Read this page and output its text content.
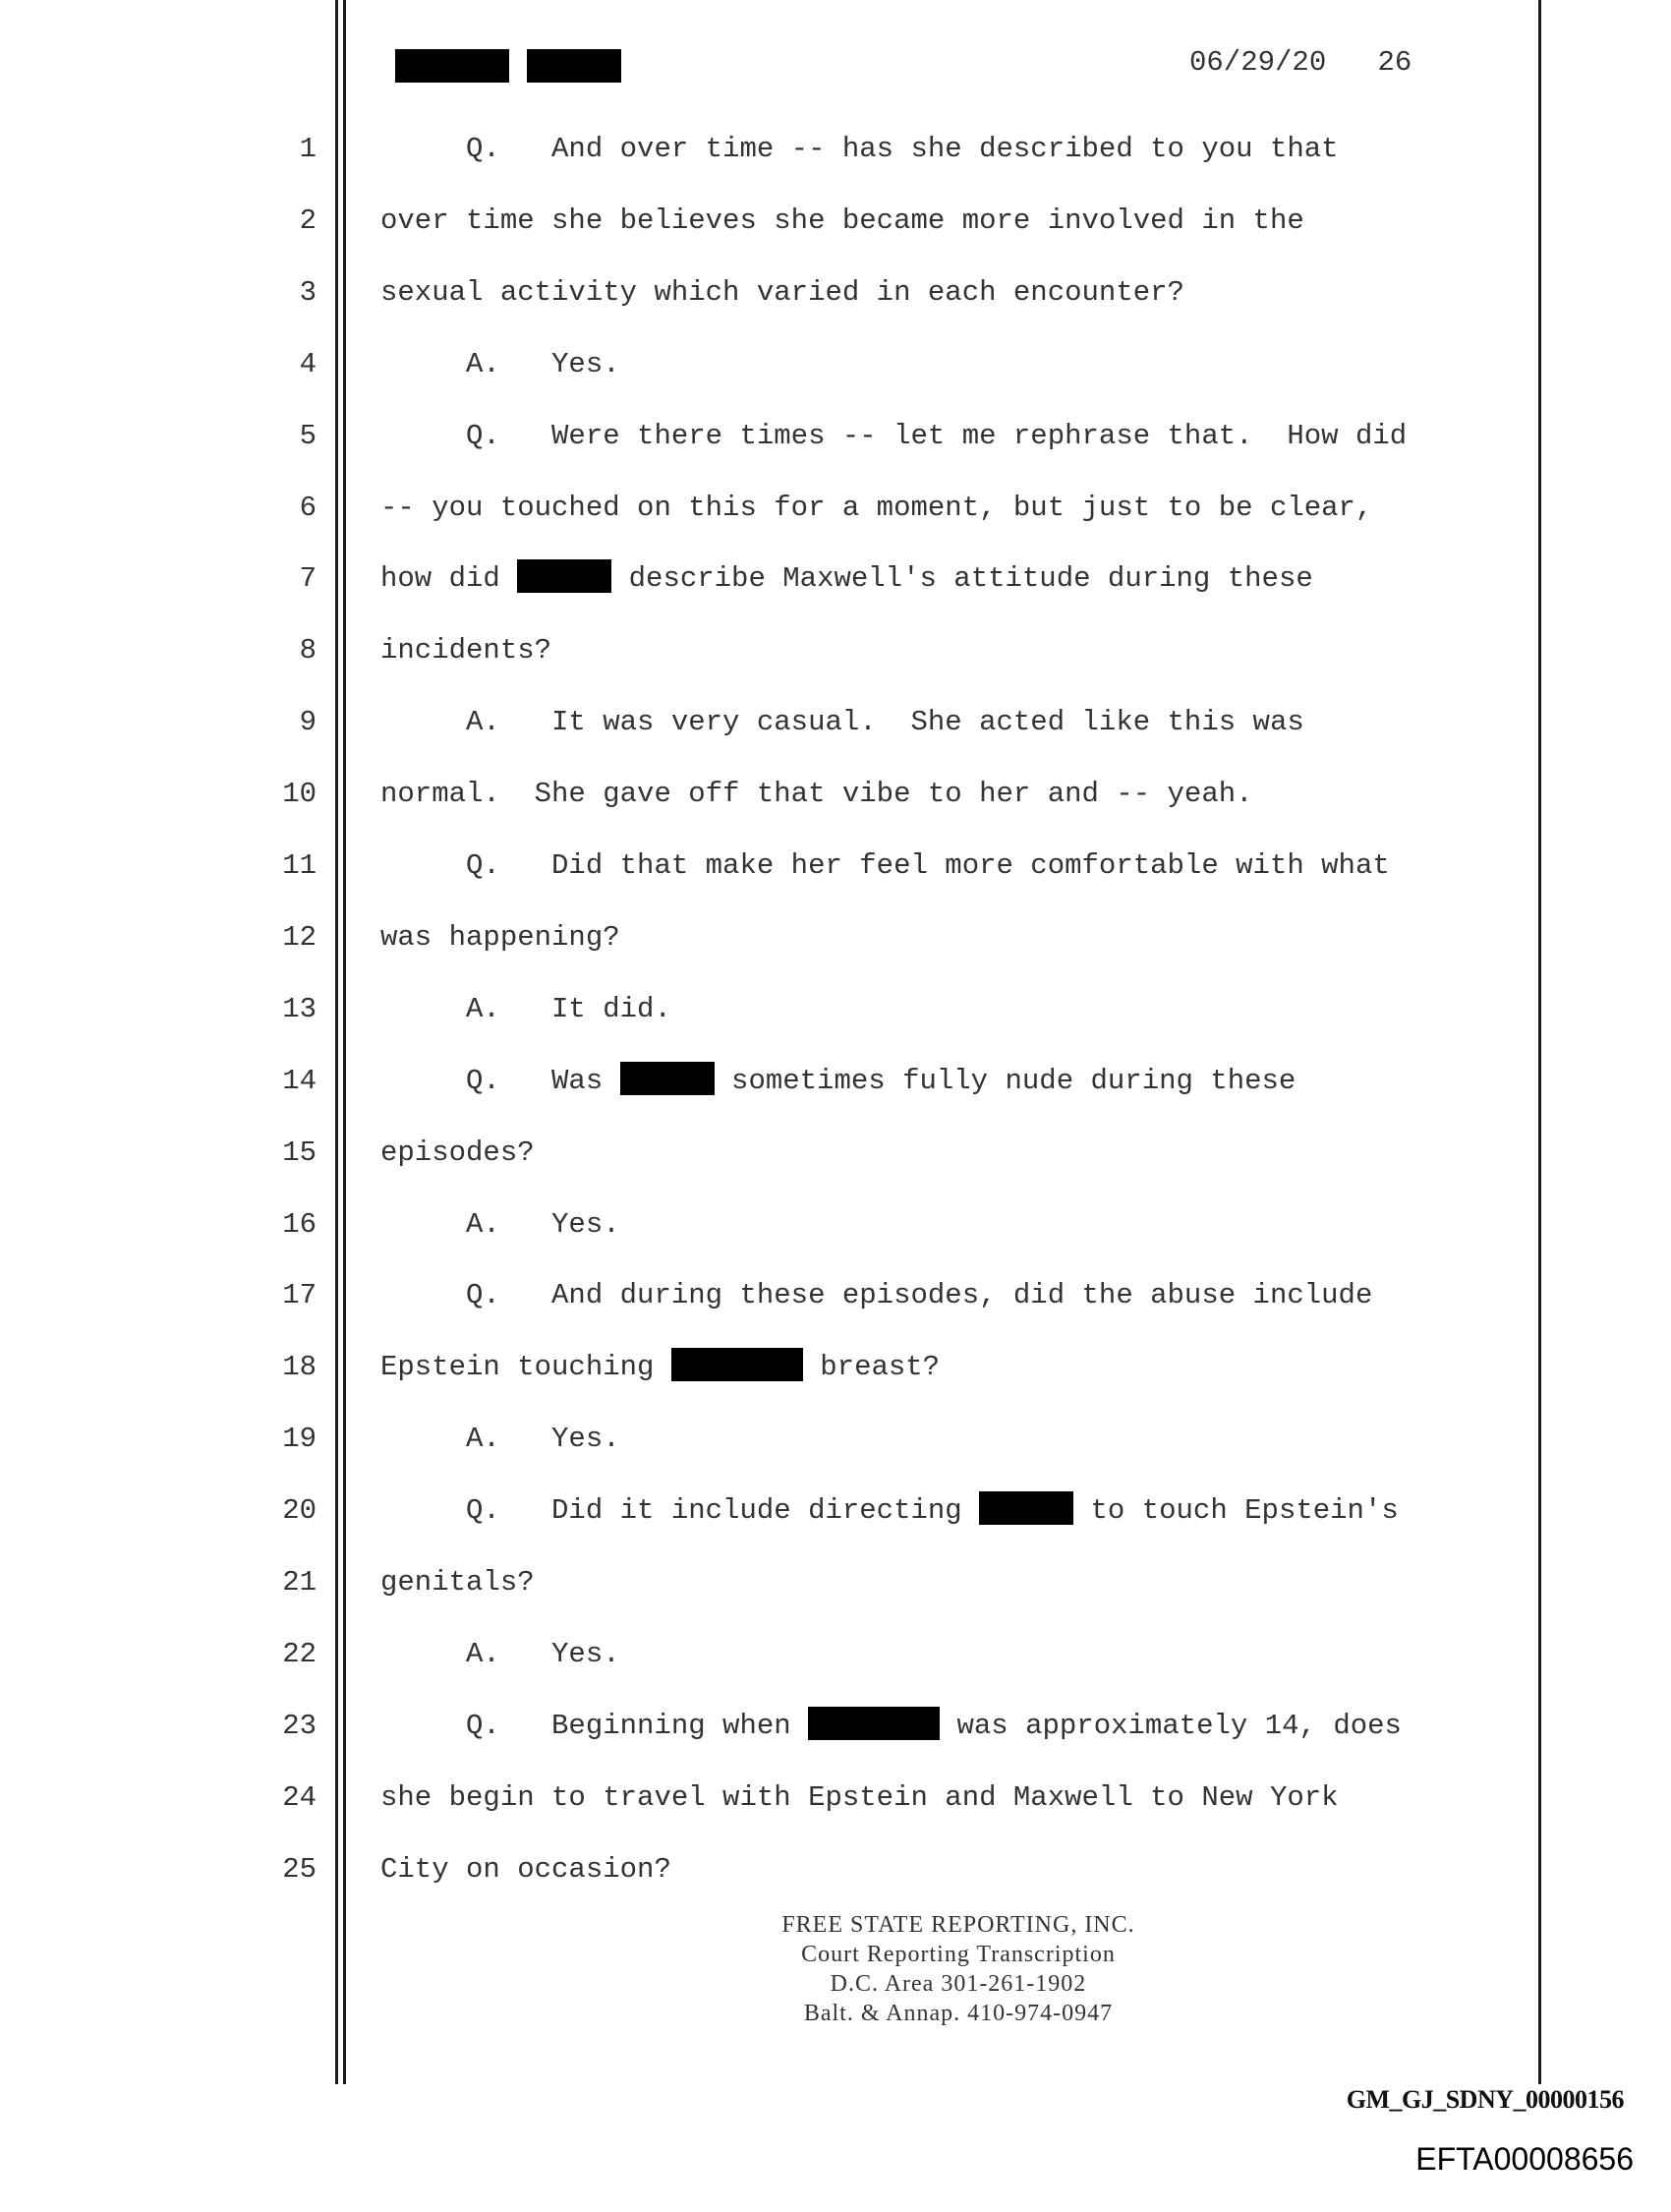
06/29/20 26
1 Q.   And over time -- has she described to you that
2 over time she believes she became more involved in the
3 sexual activity which varied in each encounter?
4 A.   Yes.
5 Q.   Were there times -- let me rephrase that.  How did
6 -- you touched on this for a moment, but just to be clear,
7 how did	describe Maxwell's attitude during these
8 incidents?
9 A.   It was very casual.  She acted like this was
10 normal.  She gave off that vibe to her and -- yeah.
11 Q.   Did that make her feel more comfortable with what
12 was happening?
13 A.   It did.
14 Q.   Was	sometimes fully nude during these
15 episodes?
16 A.   Yes.
17 Q.   And during these episodes, did the abuse include
18 Epstein touching	breast?
19 A.   Yes.
20 Q.   Did it include directing	to touch Epstein's
21 genitals?
22 A.   Yes.
23 Q.   Beginning when	was approximately 14, does
24 she begin to travel with Epstein and Maxwell to New York
25 City on occasion?
FREE STATE REPORTING, INC.
Court Reporting Transcription
D.C. Area 301-261-1902
Balt. & Annap. 410-974-0947
GM_GJ_SDNY_00000156
EFTA00008656
